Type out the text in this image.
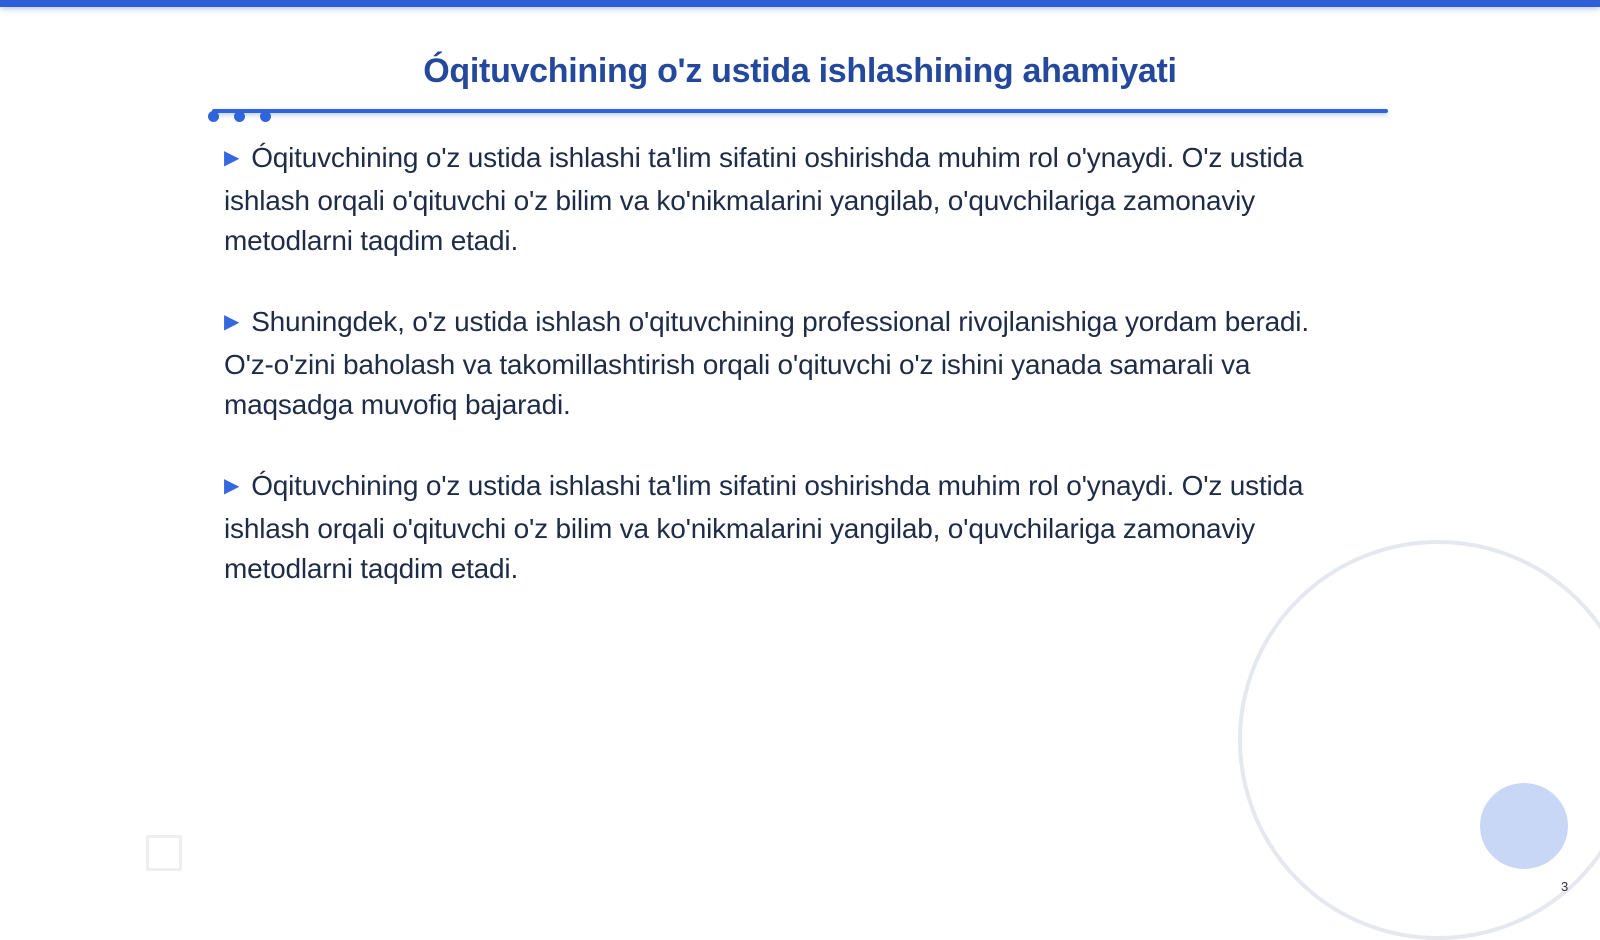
Óqituvchining o'z ustida ishlashining ahamiyati

▶ Óqituvchining o'z ustida ishlashi ta'lim sifatini oshirishda muhim rol o'ynaydi. O'z ustida ishlash orqali o'qituvchi o'z bilim va ko'nikmalarini yangilab, o'quvchilariga zamonaviy metodlarni taqdim etadi.

▶ Shuningdek, o'z ustida ishlash o'qituvchining professional rivojlanishiga yordam beradi. O'z-o'zini baholash va takomillashtirish orqali o'qituvchi o'z ishini yanada samarali va maqsadga muvofiq bajaradi.

▶ Óqituvchining o'z ustida ishlashi ta'lim sifatini oshirishda muhim rol o'ynaydi. O'z ustida ishlash orqali o'qituvchi o'z bilim va ko'nikmalarini yangilab, o'quvchilariga zamonaviy metodlarni taqdim etadi.

3
